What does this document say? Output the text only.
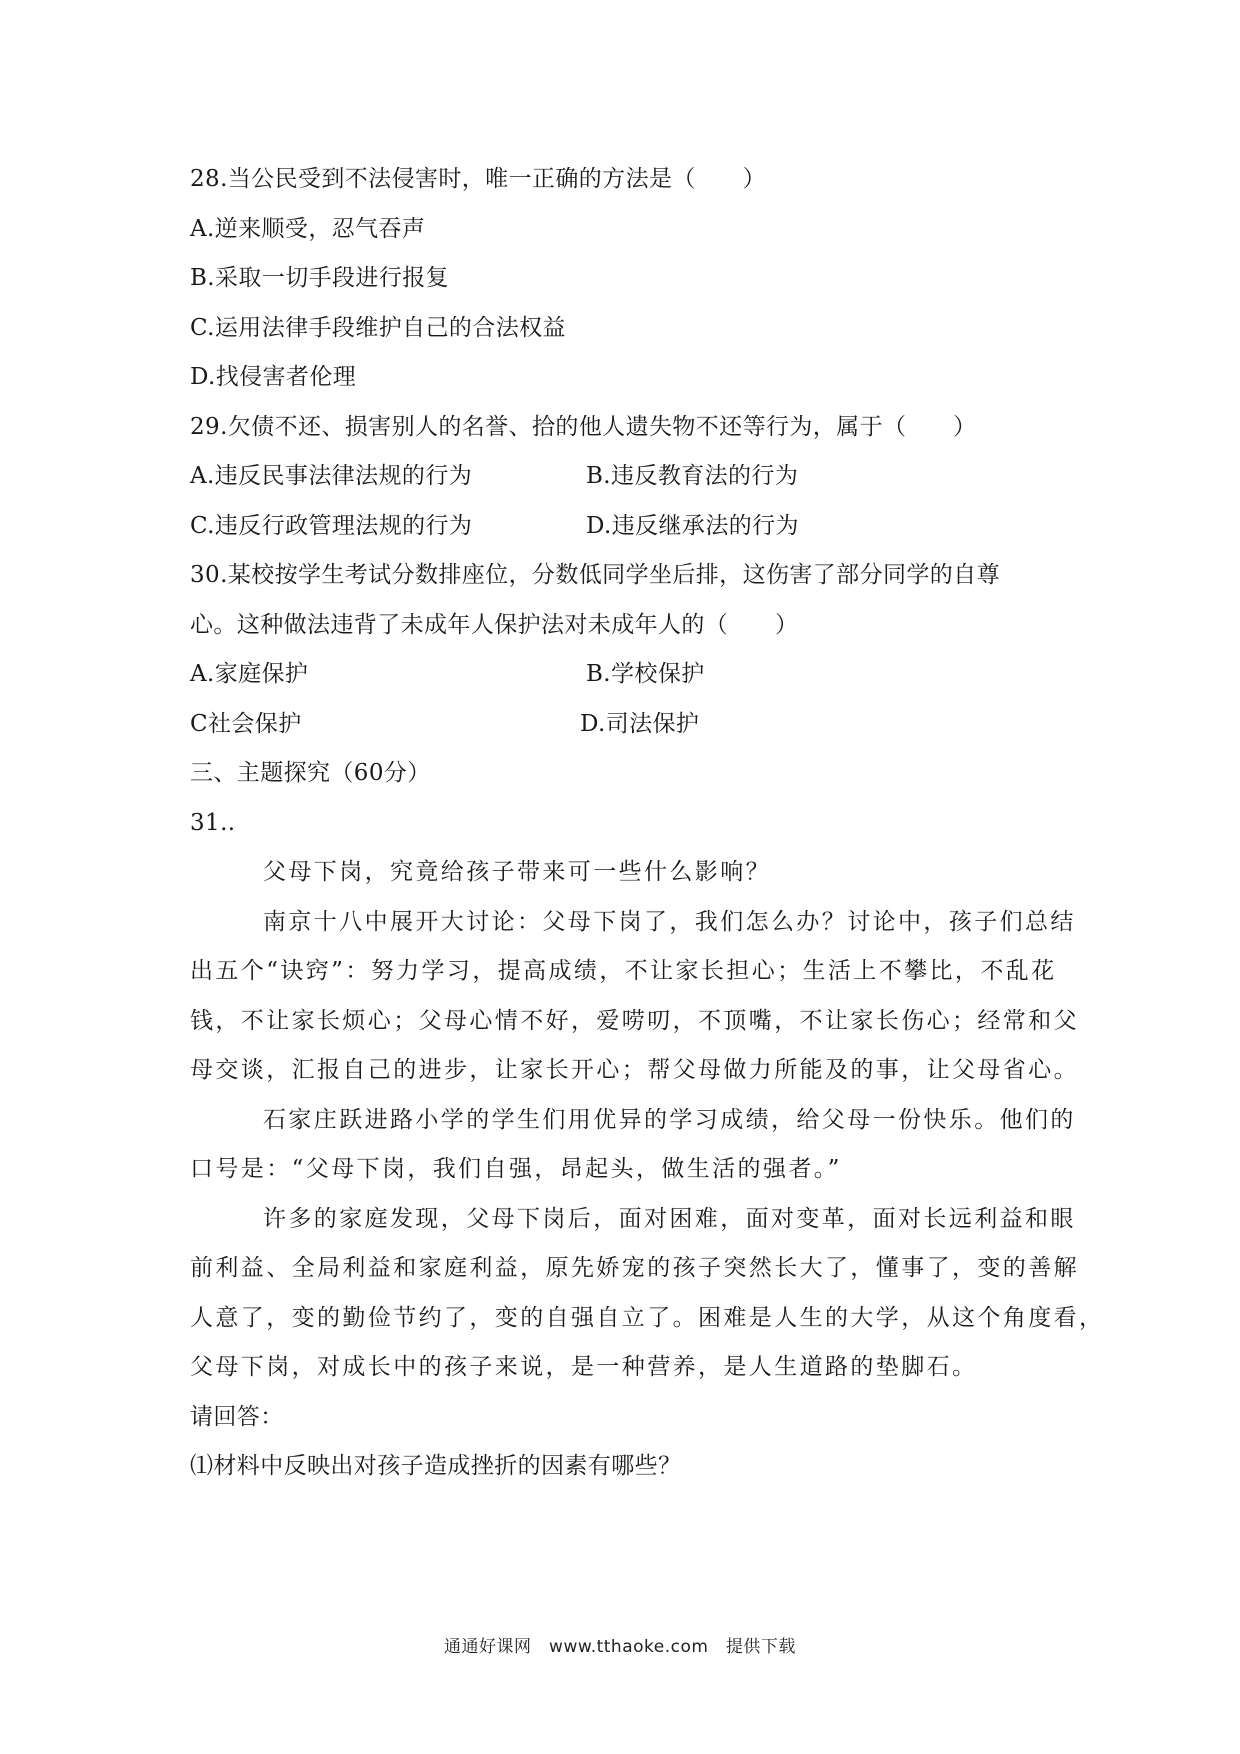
28.当公民受到不法侵害时，唯一正确的方法是（　　）
A.逆来顺受，忍气吞声
B.采取一切手段进行报复
C.运用法律手段维护自己的合法权益
D.找侵害者伦理
29.欠债不还、损害别人的名誉、拾的他人遗失物不还等行为，属于（　　）
A.违反民事法律法规的行为	B.违反教育法的行为
C.违反行政管理法规的行为	D.违反继承法的行为
30.某校按学生考试分数排座位，分数低同学坐后排，这伤害了部分同学的自尊
心。这种做法违背了未成年人保护法对未成年人的（　　）
A.家庭保护	B.学校保护
C社会保护	D.司法保护
三、主题探究（60分）
31..
父母下岗，究竟给孩子带来可一些什么影响？
南京十八中展开大讨论：父母下岗了，我们怎么办？讨论中，孩子们总结
出五个“诀窍”：努力学习，提高成绩，不让家长担心；生活上不攀比，不乱花
钱，不让家长烦心；父母心情不好，爱唠叨，不顶嘴，不让家长伤心；经常和父
母交谈，汇报自己的进步，让家长开心；帮父母做力所能及的事，让父母省心。
石家庄跃进路小学的学生们用优异的学习成绩，给父母一份快乐。他们的
口号是：“父母下岗，我们自强，昂起头，做生活的强者。”
许多的家庭发现，父母下岗后，面对困难，面对变革，面对长远利益和眼
前利益、全局利益和家庭利益，原先娇宠的孩子突然长大了，懂事了，变的善解
人意了，变的勤俭节约了，变的自强自立了。困难是人生的大学，从这个角度看，
父母下岗，对成长中的孩子来说，是一种营养，是人生道路的垫脚石。
请回答：
⑴材料中反映出对孩子造成挫折的因素有哪些？
通通好课网　www.tthaoke.com　提供下载
